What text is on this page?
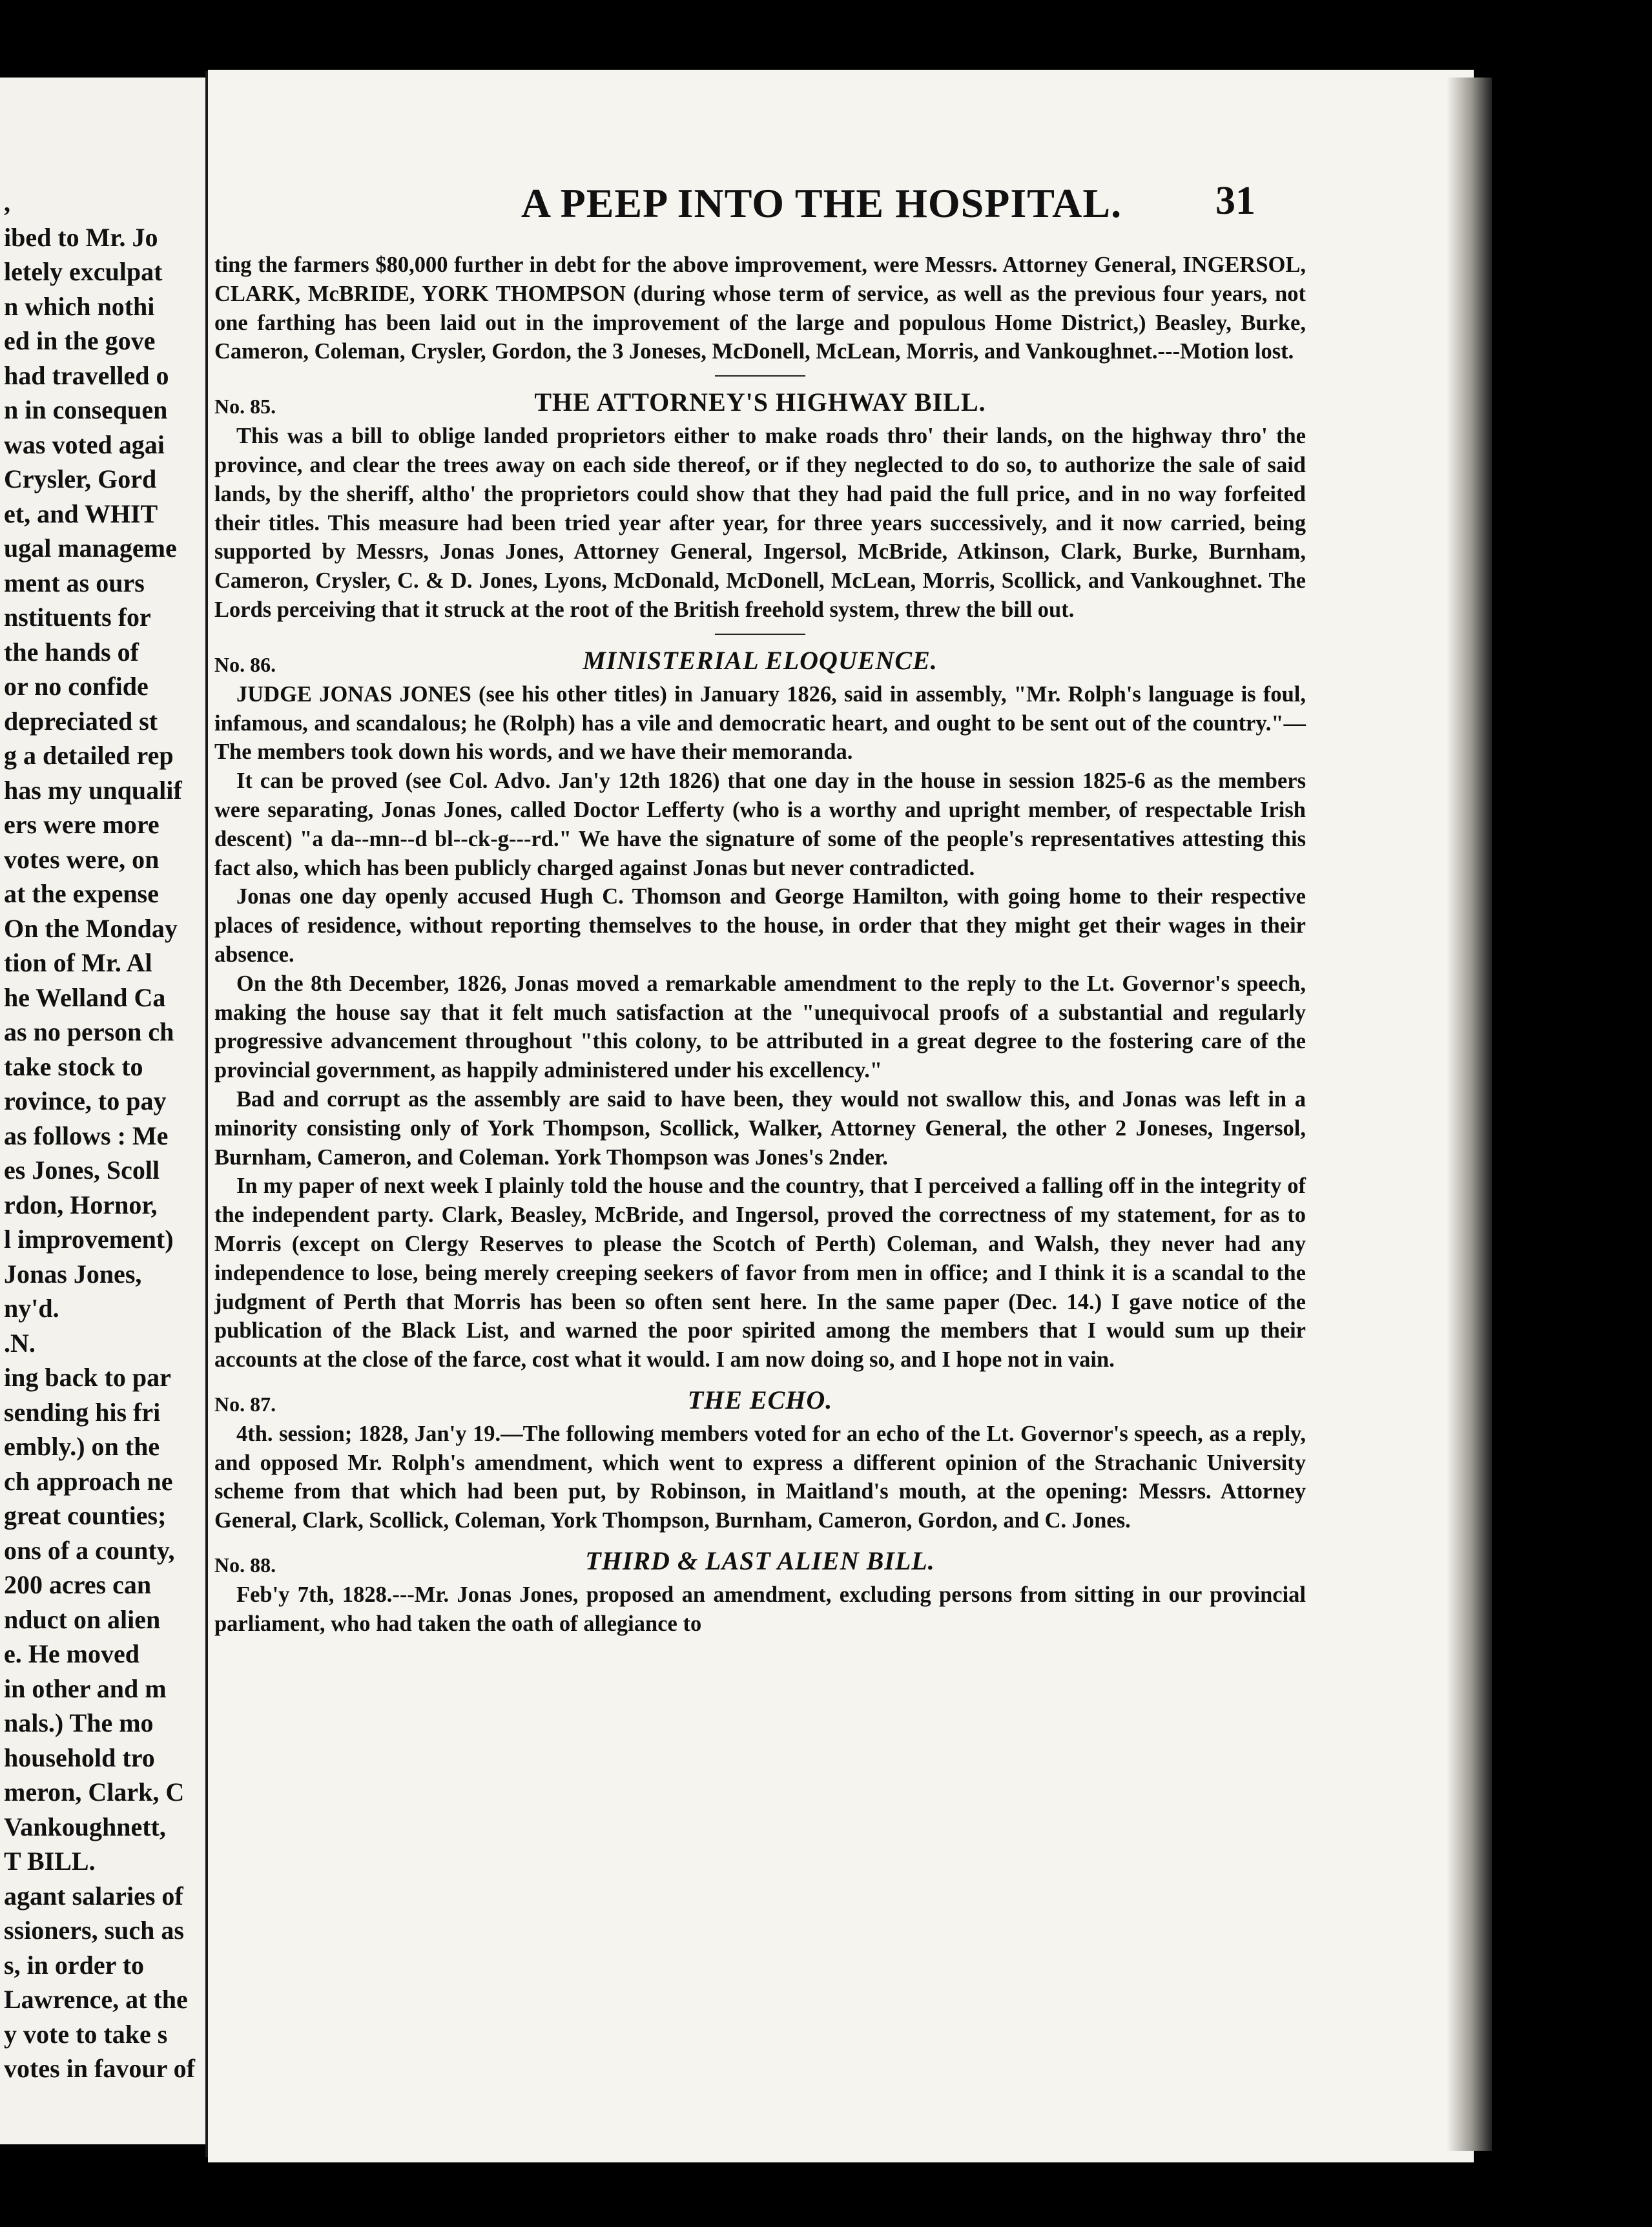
,
ibed to Mr. Jo
letely exculpat
n which nothi
ed in the gove
had travelled o
n in consequen
was voted agai
Crysler, Gord
et, and WHIT
ugal manageme
ment as ours
nstituents for
the hands of
or no confide
depreciated st
g a detailed rep
has my unqualif
ers were more
votes were, on
at the expense
On the Monday
tion of Mr. Al
he Welland Ca
as no person ch
take stock to
rovince, to pay
as follows : Me
es Jones, Scoll
rdon, Hornor,
l improvement)
Jonas Jones,
ny'd.
.N.
ing back to par
sending his fri
embly.) on the
ch approach ne
great counties;
ons of a county,
200 acres can
nduct on alien
e. He moved
in other and m
nals.) The mo
household tro
meron, Clark, C
Vankoughnett,
T BILL.
agant salaries of
ssioners, such as
s, in order to
Lawrence, at the
y vote to take s
votes in favour of
A PEEP INTO THE HOSPITAL.	31

ting the farmers $80,000 further in debt for the above improvement, were Messrs. Attorney General, INGERSOL, CLARK, McBRIDE, YORK THOMPSON (during whose term of service, as well as the previous four years, not one farthing has been laid out in the improvement of the large and populous Home District,) Beasley, Burke, Cameron, Coleman, Crysler, Gordon, the 3 Joneses, McDonell, McLean, Morris, and Vankoughnet.---Motion lost.

No. 85.	THE ATTORNEY'S HIGHWAY BILL.

This was a bill to oblige landed proprietors either to make roads thro' their lands, on the highway thro' the province, and clear the trees away on each side thereof, or if they neglected to do so, to authorize the sale of said lands, by the sheriff, altho' the proprietors could show that they had paid the full price, and in no way forfeited their titles. This measure had been tried year after year, for three years successively, and it now carried, being supported by Messrs, Jonas Jones, Attorney General, Ingersol, McBride, Atkinson, Clark, Burke, Burnham, Cameron, Crysler, C. & D. Jones, Lyons, McDonald, McDonell, McLean, Morris, Scollick, and Vankoughnet. The Lords perceiving that it struck at the root of the British freehold system, threw the bill out.

No. 86.	MINISTERIAL ELOQUENCE.

JUDGE JONAS JONES (see his other titles) in January 1826, said in assembly, "Mr. Rolph's language is foul, infamous, and scandalous; he (Rolph) has a vile and democratic heart, and ought to be sent out of the country."—The members took down his words, and we have their memoranda.

It can be proved (see Col. Advo. Jan'y 12th 1826) that one day in the house in session 1825-6 as the members were separating, Jonas Jones, called Doctor Lefferty (who is a worthy and upright member, of respectable Irish descent) "a da--mn--d bl--ck-g---rd." We have the signature of some of the people's representatives attesting this fact also, which has been publicly charged against Jonas but never contradicted.

Jonas one day openly accused Hugh C. Thomson and George Hamilton, with going home to their respective places of residence, without reporting themselves to the house, in order that they might get their wages in their absence.

On the 8th December, 1826, Jonas moved a remarkable amendment to the reply to the Lt. Governor's speech, making the house say that it felt much satisfaction at the "unequivocal proofs of a substantial and regularly progressive advancement throughout "this colony, to be attributed in a great degree to the fostering care of the provincial government, as happily administered under his excellency."

Bad and corrupt as the assembly are said to have been, they would not swallow this, and Jonas was left in a minority consisting only of York Thompson, Scollick, Walker, Attorney General, the other 2 Joneses, Ingersol, Burnham, Cameron, and Coleman. York Thompson was Jones's 2nder.

In my paper of next week I plainly told the house and the country, that I perceived a falling off in the integrity of the independent party. Clark, Beasley, McBride, and Ingersol, proved the correctness of my statement, for as to Morris (except on Clergy Reserves to please the Scotch of Perth) Coleman, and Walsh, they never had any independence to lose, being merely creeping seekers of favor from men in office; and I think it is a scandal to the judgment of Perth that Morris has been so often sent here. In the same paper (Dec. 14.) I gave notice of the publication of the Black List, and warned the poor spirited among the members that I would sum up their accounts at the close of the farce, cost what it would. I am now doing so, and I hope not in vain.

No. 87.	THE ECHO.

4th. session; 1828, Jan'y 19.—The following members voted for an echo of the Lt. Governor's speech, as a reply, and opposed Mr. Rolph's amendment, which went to express a different opinion of the Strachanic University scheme from that which had been put, by Robinson, in Maitland's mouth, at the opening: Messrs. Attorney General, Clark, Scollick, Coleman, York Thompson, Burnham, Cameron, Gordon, and C. Jones.

No. 88.	THIRD & LAST ALIEN BILL.

Feb'y 7th, 1828.---Mr. Jonas Jones, proposed an amendment, excluding persons from sitting in our provincial parliament, who had taken the oath of allegiance to
